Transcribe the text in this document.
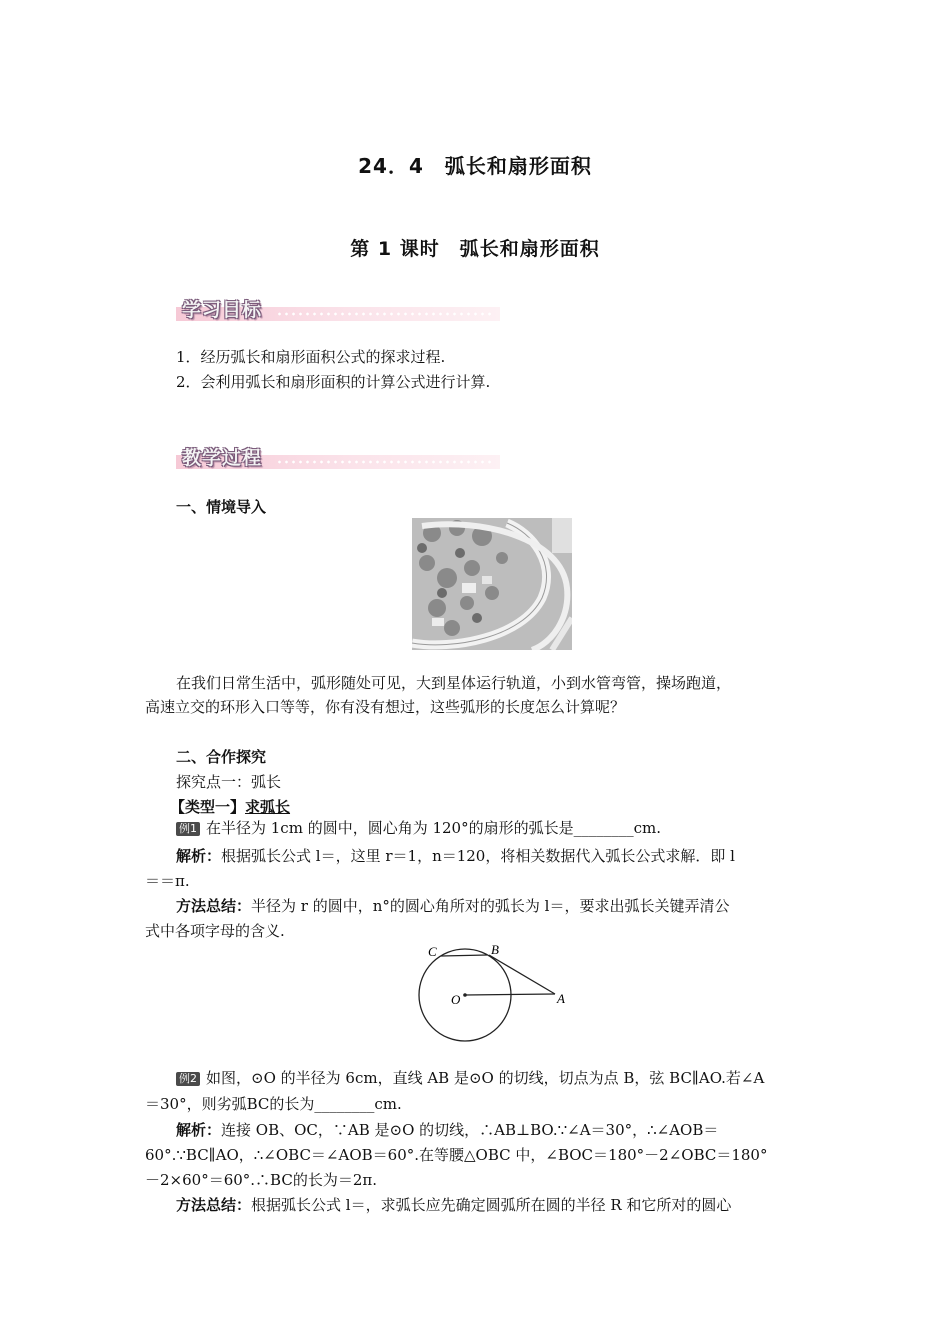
24．4　弧长和扇形面积
第 1 课时　弧长和扇形面积
学习目标
1．经历弧长和扇形面积公式的探求过程.
2．会利用弧长和扇形面积的计算公式进行计算.
教学过程
一、情境导入
在我们日常生活中，弧形随处可见，大到星体运行轨道，小到水管弯管，操场跑道，
高速立交的环形入口等等，你有没有想过，这些弧形的长度怎么计算呢？
二、合作探究
探究点一：弧长
【类型一】求弧长
例1 在半径为 1cm 的圆中，圆心角为 120°的扇形的弧长是________cm.
解析：根据弧长公式 l＝，这里 r＝1，n＝120，将相关数据代入弧长公式求解．即 l
＝＝π.
方法总结：半径为 r 的圆中，n°的圆心角所对的弧长为 l＝，要求出弧长关键弄清公
式中各项字母的含义.
C	B
O	A
例2 如图，⊙O 的半径为 6cm，直线 AB 是⊙O 的切线，切点为点 B，弦 BC∥AO.若∠A
＝30°，则劣弧BC的长为________cm.
解析：连接 OB、OC，∵AB 是⊙O 的切线，∴AB⊥BO.∵∠A＝30°，∴∠AOB＝
60°.∵BC∥AO，∴∠OBC＝∠AOB＝60°.在等腰△OBC 中，∠BOC＝180°－2∠OBC＝180°
－2×60°＝60°.∴BC的长为＝2π.
方法总结：根据弧长公式 l＝，求弧长应先确定圆弧所在圆的半径 R 和它所对的圆心
